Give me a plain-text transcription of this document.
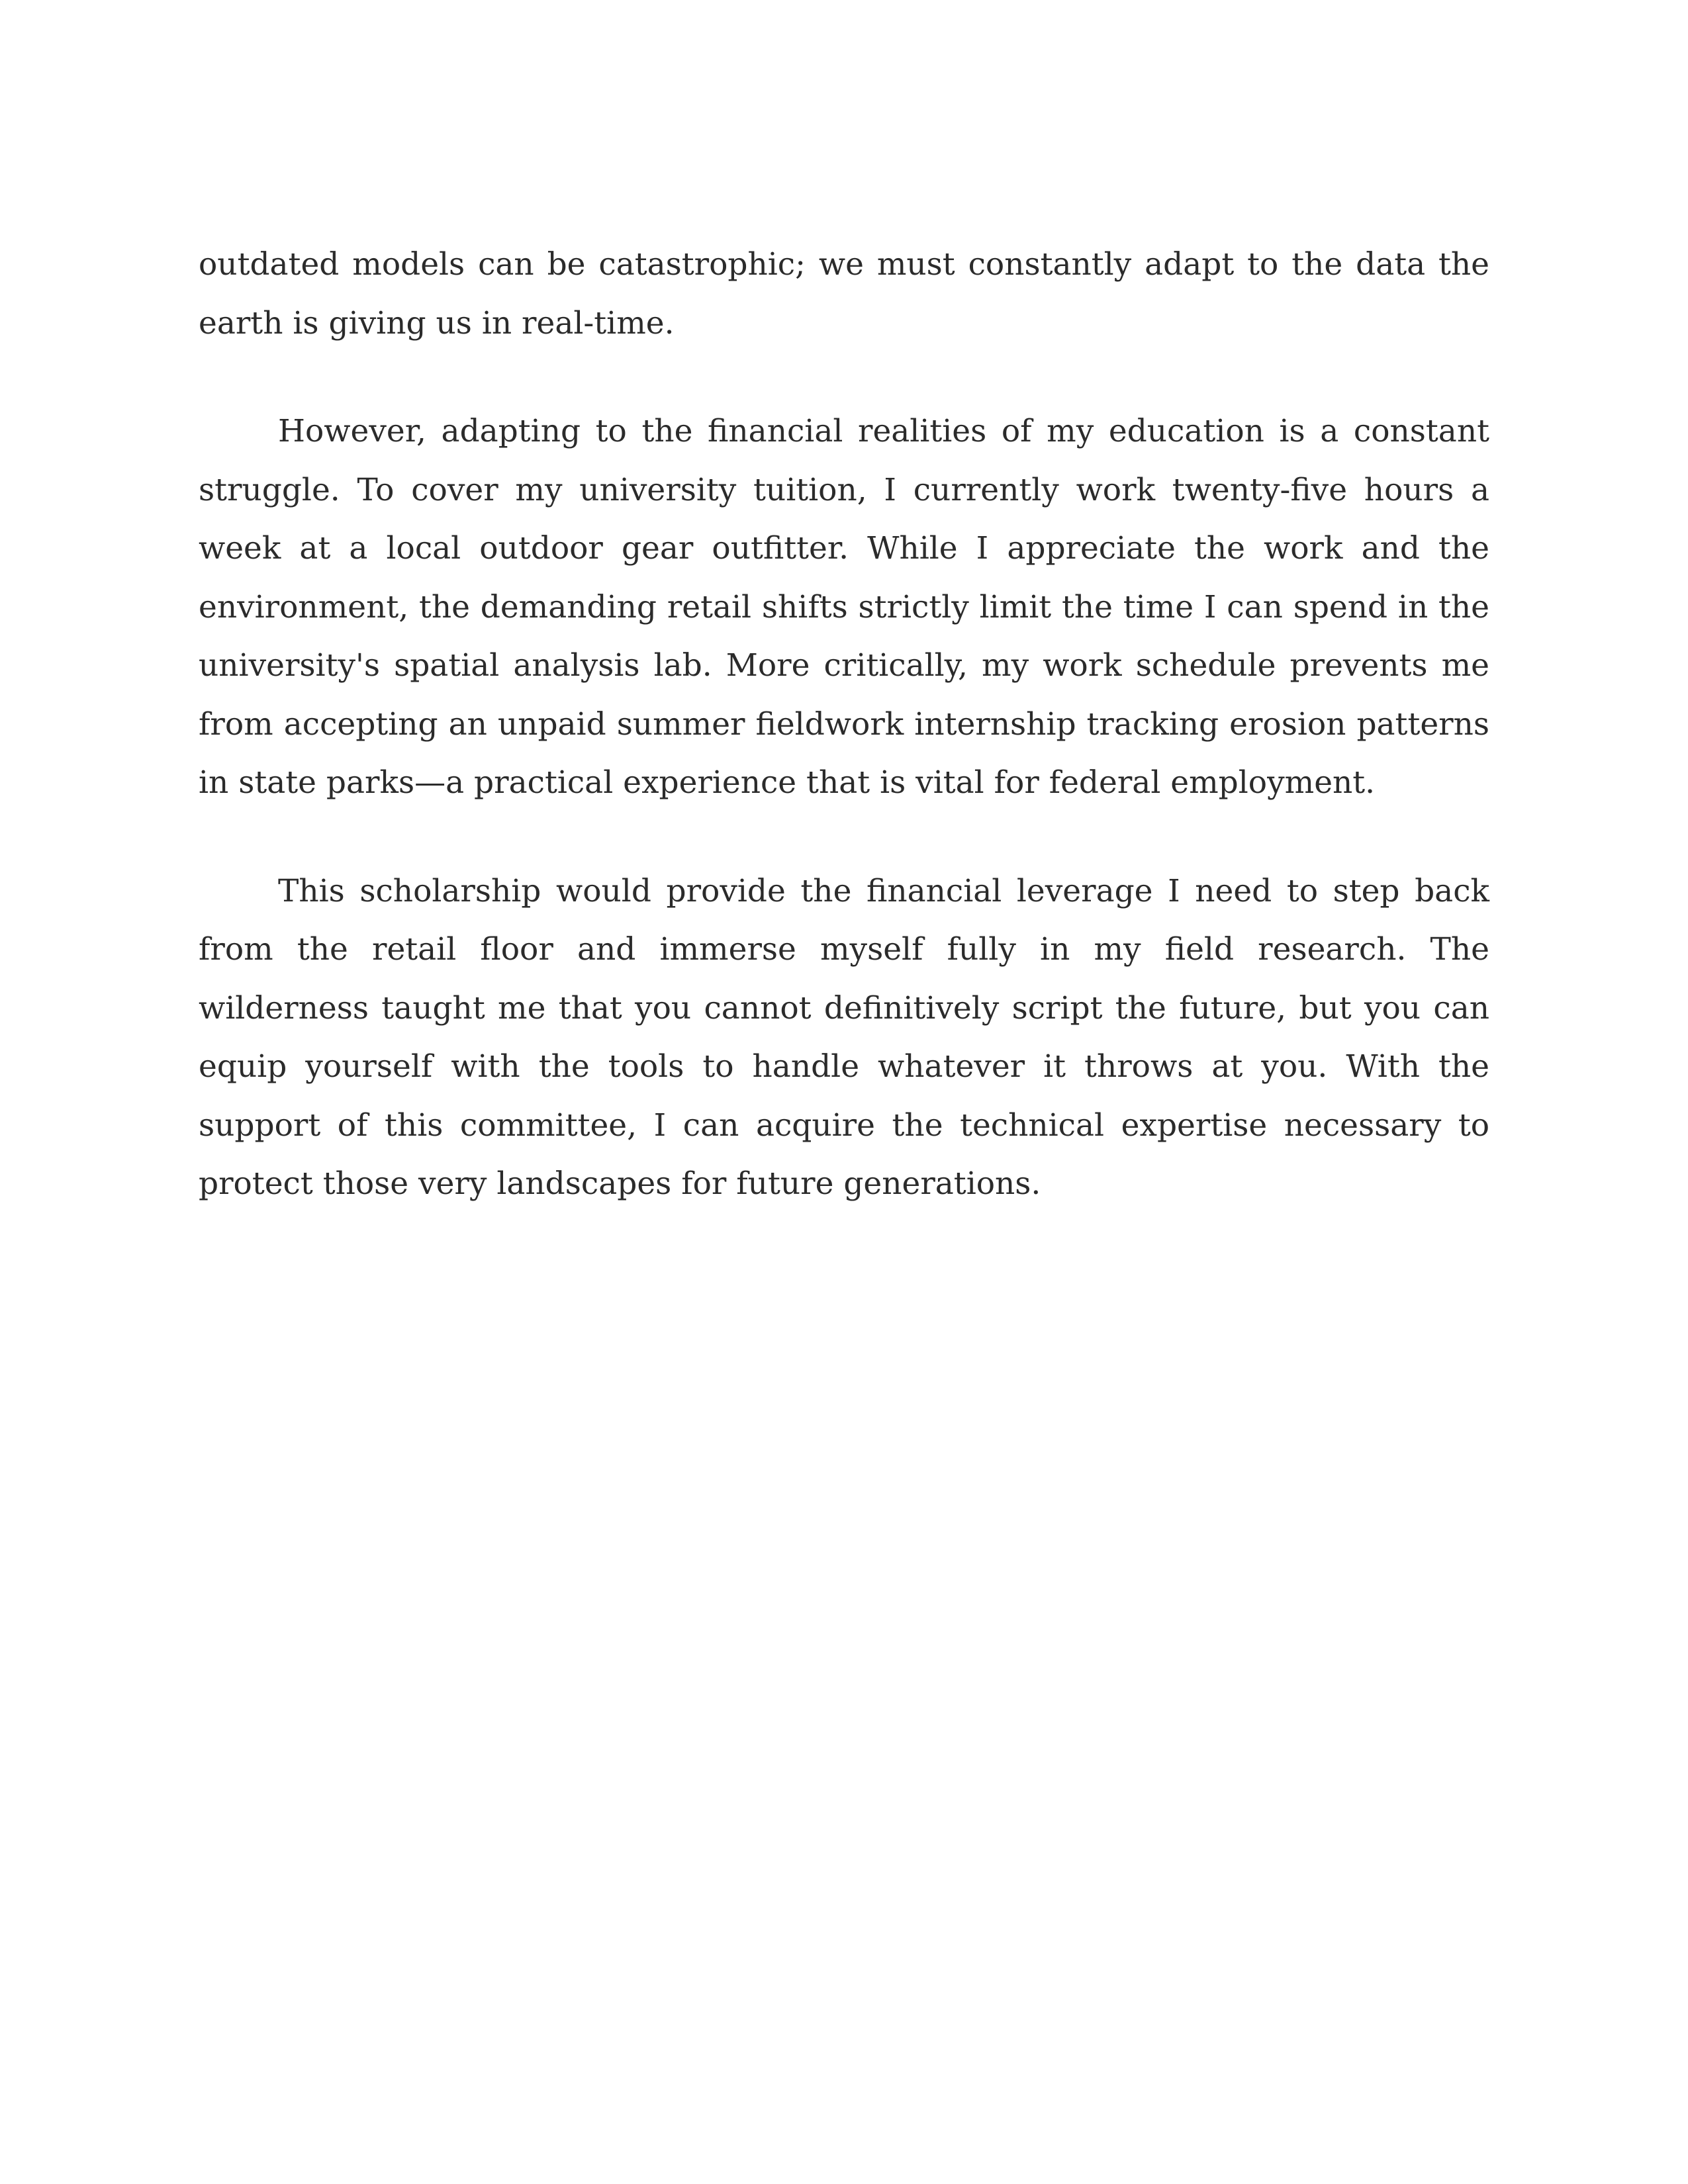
outdated models can be catastrophic; we must constantly adapt to the data the earth is giving us in real-time.

However, adapting to the financial realities of my education is a constant struggle. To cover my university tuition, I currently work twenty-five hours a week at a local outdoor gear outfitter. While I appreciate the work and the environment, the demanding retail shifts strictly limit the time I can spend in the university's spatial analysis lab. More critically, my work schedule prevents me from accepting an unpaid summer fieldwork internship tracking erosion patterns in state parks—a practical experience that is vital for federal employment.

This scholarship would provide the financial leverage I need to step back from the retail floor and immerse myself fully in my field research. The wilderness taught me that you cannot definitively script the future, but you can equip yourself with the tools to handle whatever it throws at you. With the support of this committee, I can acquire the technical expertise necessary to protect those very landscapes for future generations.
